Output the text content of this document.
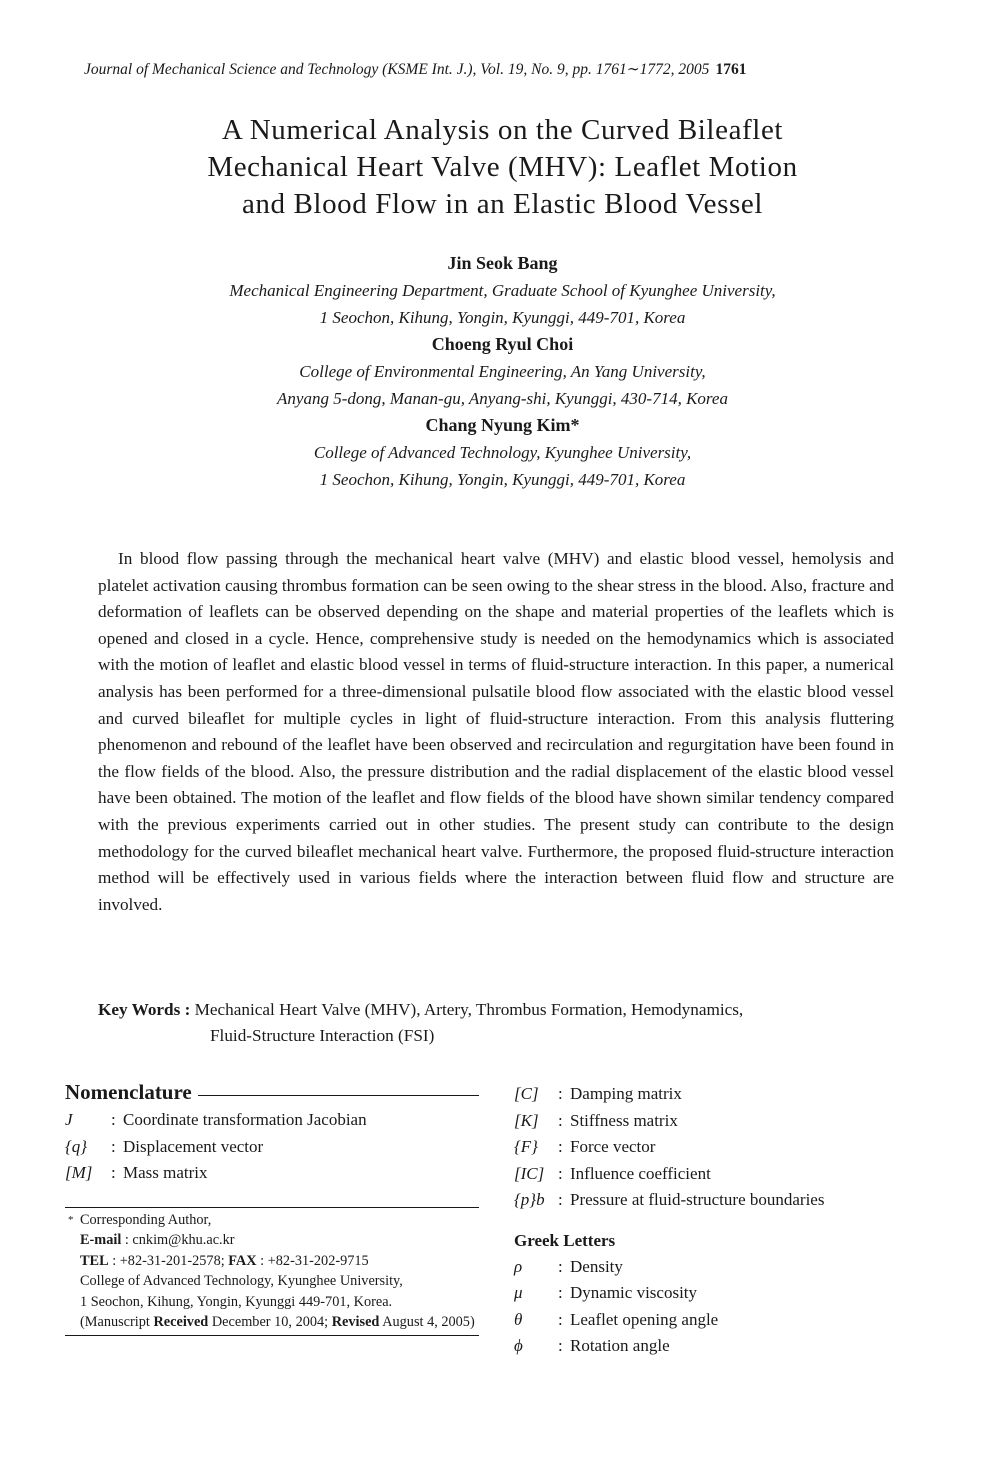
Journal of Mechanical Science and Technology (KSME Int. J.), Vol. 19, No. 9, pp. 1761∼1772, 2005 1761
A Numerical Analysis on the Curved Bileaflet
Mechanical Heart Valve (MHV): Leaflet Motion
and Blood Flow in an Elastic Blood Vessel
Jin Seok Bang
Mechanical Engineering Department, Graduate School of Kyunghee University,
1 Seochon, Kihung, Yongin, Kyunggi, 449-701, Korea
Choeng Ryul Choi
College of Environmental Engineering, An Yang University,
Anyang 5-dong, Manan-gu, Anyang-shi, Kyunggi, 430-714, Korea
Chang Nyung Kim*
College of Advanced Technology, Kyunghee University,
1 Seochon, Kihung, Yongin, Kyunggi, 449-701, Korea
In blood flow passing through the mechanical heart valve (MHV) and elastic blood vessel, hemolysis and platelet activation causing thrombus formation can be seen owing to the shear stress in the blood. Also, fracture and deformation of leaflets can be observed depending on the shape and material properties of the leaflets which is opened and closed in a cycle. Hence, comprehensive study is needed on the hemodynamics which is associated with the motion of leaflet and elastic blood vessel in terms of fluid-structure interaction. In this paper, a numerical analysis has been performed for a three-dimensional pulsatile blood flow associated with the elastic blood vessel and curved bileaflet for multiple cycles in light of fluid-structure interaction. From this analysis fluttering phenomenon and rebound of the leaflet have been observed and recirculation and regurgitation have been found in the flow fields of the blood. Also, the pressure distribution and the radial displacement of the elastic blood vessel have been obtained. The motion of the leaflet and flow fields of the blood have shown similar tendency compared with the previous experiments carried out in other studies. The present study can contribute to the design methodology for the curved bileaflet mechanical heart valve. Furthermore, the proposed fluid-structure interaction method will be effectively used in various fields where the interaction between fluid flow and structure are involved.
Key Words : Mechanical Heart Valve (MHV), Artery, Thrombus Formation, Hemodynamics,
Fluid-Structure Interaction (FSI)
Nomenclature
J	: Coordinate transformation Jacobian
{q}	: Displacement vector
[M]	: Mass matrix
* Corresponding Author,
E-mail : cnkim@khu.ac.kr
TEL : +82-31-201-2578; FAX : +82-31-202-9715
College of Advanced Technology, Kyunghee University,
1 Seochon, Kihung, Yongin, Kyunggi 449-701, Korea.
(Manuscript Received December 10, 2004; Revised August 4, 2005)
[C]	: Damping matrix
[K]	: Stiffness matrix
{F}	: Force vector
[IC] : Influence coefficient
{p}b : Pressure at fluid-structure boundaries
Greek Letters
ρ	: Density
μ	: Dynamic viscosity
θ	: Leaflet opening angle
ϕ	: Rotation angle
